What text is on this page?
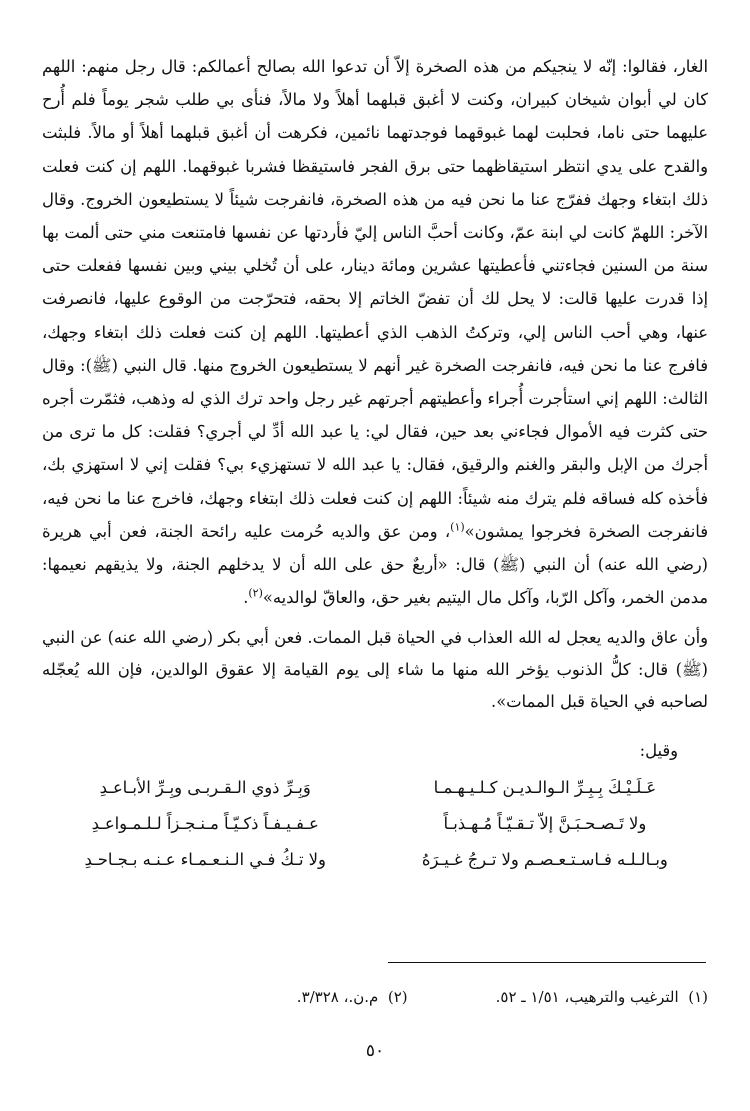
الغار، فقالوا: إنّه لا ينجيكم من هذه الصخرة إلاّ أن تدعوا الله بصالح أعمالكم: قال رجل منهم: اللهم كان لي أبوان شيخان كبيران، وكنت لا أغبق قبلهما أهلاً ولا مالاً، فنأى بي طلب شجر يوماً فلم أُرح عليهما حتى ناما، فحلبت لهما غبوقهما فوجدتهما نائمين، فكرهت أن أغبق قبلهما أهلاً أو مالاً. فلبثت والقدح على يدي انتظر استيقاظهما حتى برق الفجر فاستيقظا فشربا غبوقهما. اللهم إن كنت فعلت ذلك ابتغاء وجهك ففرّج عنا ما نحن فيه من هذه الصخرة، فانفرجت شيئاً لا يستطيعون الخروج. وقال الآخر: اللهمّ كانت لي ابنة عمّ، وكانت أحبَّ الناس إليّ فأردتها عن نفسها فامتنعت مني حتى ألمت بها سنة من السنين فجاءتني فأعطيتها عشرين ومائة دينار، على أن تُخلي بيني وبين نفسها ففعلت حتى إذا قدرت عليها قالت: لا يحل لك أن تفضّ الخاتم إلا بحقه، فتحرّجت من الوقوع عليها، فانصرفت عنها، وهي أحب الناس إلي، وتركتُ الذهب الذي أعطيتها. اللهم إن كنت فعلت ذلك ابتغاء وجهك، فافرج عنا ما نحن فيه، فانفرجت الصخرة غير أنهم لا يستطيعون الخروج منها. قال النبي (ﷺ): وقال الثالث: اللهم إني استأجرت أُجراء وأعطيتهم أجرتهم غير رجل واحد ترك الذي له وذهب، فثمّرت أجره حتى كثرت فيه الأموال فجاءني بعد حين، فقال لي: يا عبد الله أدِّ لي أجري؟ فقلت: كل ما ترى من أجرك من الإبل والبقر والغنم والرقيق، فقال: يا عبد الله لا تستهزيء بي؟ فقلت إني لا استهزي بك، فأخذه كله فساقه فلم يترك منه شيئاً: اللهم إن كنت فعلت ذلك ابتغاء وجهك، فاخرج عنا ما نحن فيه، فانفرجت الصخرة فخرجوا يمشون»$^{(١)}$، ومن عق والديه حُرمت عليه رائحة الجنة، فعن أبي هريرة (رضي الله عنه) أن النبي (ﷺ) قال: «أربعٌ حق على الله أن لا يدخلهم الجنة، ولا يذيقهم نعيمها: مدمن الخمر، وآكل الرّبا، وآكل مال اليتيم بغير حق، والعاقّ لوالديه»$^{(٢)}$.

وأن عاق والديه يعجل له الله العذاب في الحياة قبل الممات. فعن أبي بكر (رضي الله عنه) عن النبي (ﷺ) قال: كلُّ الذنوب يؤخر الله منها ما شاء إلى يوم القيامة إلا عقوق الوالدين، فإن الله يُعجّله لصاحبه في الحياة قبل الممات».

وقيل:
عَـلَـيْـكَ بِـبِـرِّ الـوالـديـن كـلـيـهـمـا
وَبِـرِّ ذوي الـقـربـى وبِـرِّ الأبـاعـدِ
ولا تَـصـحـبَـنَّ إلاّ تـقـيّـاً مُـهـذبـاً
عـفـيـفـاً ذكـيّـاً مـنـجـزاً لـلـمـواعـدِ
وبـالـلـه فـاسـتـعـصـم ولا تـرجُ غـيـرَهُ
ولا تـكُ فـي الـنـعـمـاء عـنـه بـجـاحـدِ
(١)  الترغيب والترهيب، ١/٥١ ـ ٥٢.(٢)  م.ن.، ٣/٣٢٨.
٥٠
